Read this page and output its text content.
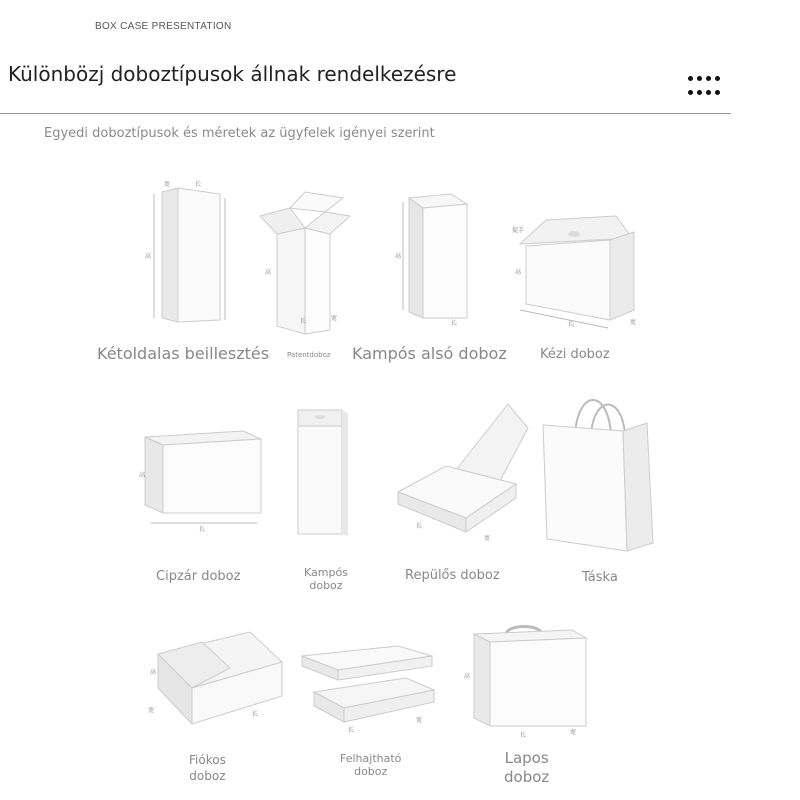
BOX CASE PRESENTATION
Különbözj doboztípusok állnak rendelkezésre
Egyedi doboztípusok és méretek az ügyfelek igényei szerint
宽	长
高
高
长	宽
高
长
提手
高
长	宽
Kétoldalas beillesztés	Patentdoboz Kampós alsó doboz	Kézi doboz
高
长	长
宽
Cipzár doboz	Kampós
doboz
Repülős doboz	Táska
高
宽
长
长
宽
高
长	宽
Fiókos
doboz
Felhajtható
doboz
Lapos
doboz
